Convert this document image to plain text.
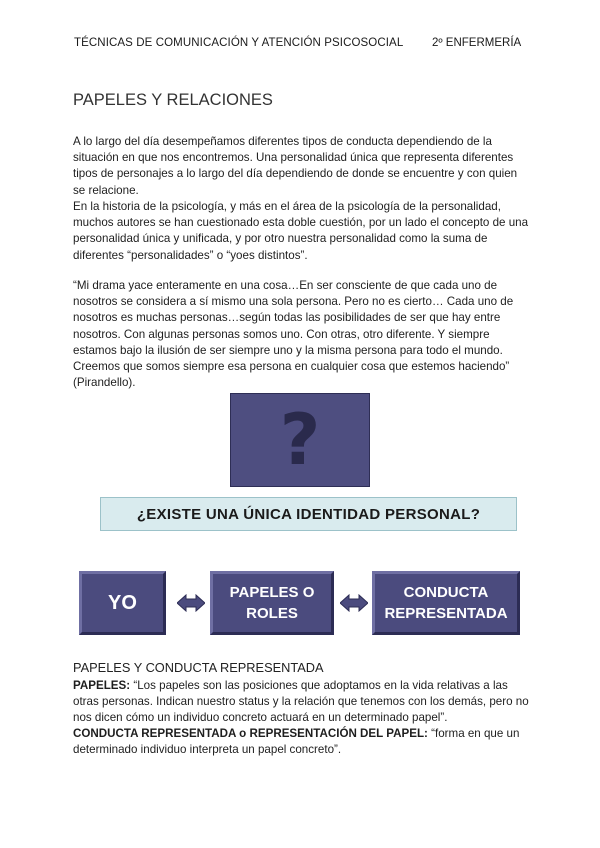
TÉCNICAS DE COMUNICACIÓN Y ATENCIÓN PSICOSOCIAL 2º ENFERMERÍA
PAPELES Y RELACIONES
A lo largo del día desempeñamos diferentes tipos de conducta dependiendo de la situación en que nos encontremos. Una personalidad única que representa diferentes tipos de personajes a lo largo del día dependiendo de donde se encuentre y con quien se relacione.
En la historia de la psicología, y más en el área de la psicología de la personalidad, muchos autores se han cuestionado esta doble cuestión, por un lado el concepto de una personalidad única y unificada, y por otro nuestra personalidad como la suma de diferentes “personalidades” o “yoes distintos”.
“Mi drama yace enteramente en una cosa…En ser consciente de que cada uno de nosotros se considera a sí mismo una sola persona. Pero no es cierto… Cada uno de nosotros es muchas personas…según todas las posibilidades de ser que hay entre nosotros. Con algunas personas somos uno. Con otras, otro diferente. Y siempre estamos bajo la ilusión de ser siempre uno y la misma persona para todo el mundo. Creemos que somos siempre esa persona en cualquier cosa que estemos haciendo” (Pirandello).
?
¿EXISTE UNA ÚNICA IDENTIDAD PERSONAL?
YO	PAPELES O
ROLES
CONDUCTA
REPRESENTADA
PAPELES Y CONDUCTA REPRESENTADA
PAPELES: “Los papeles son las posiciones que adoptamos en la vida relativas a las otras personas. Indican nuestro status y la relación que tenemos con los demás, pero no nos dicen cómo un individuo concreto actuará en un determinado papel”.
CONDUCTA REPRESENTADA o REPRESENTACIÓN DEL PAPEL: “forma en que un determinado individuo interpreta un papel concreto”.
